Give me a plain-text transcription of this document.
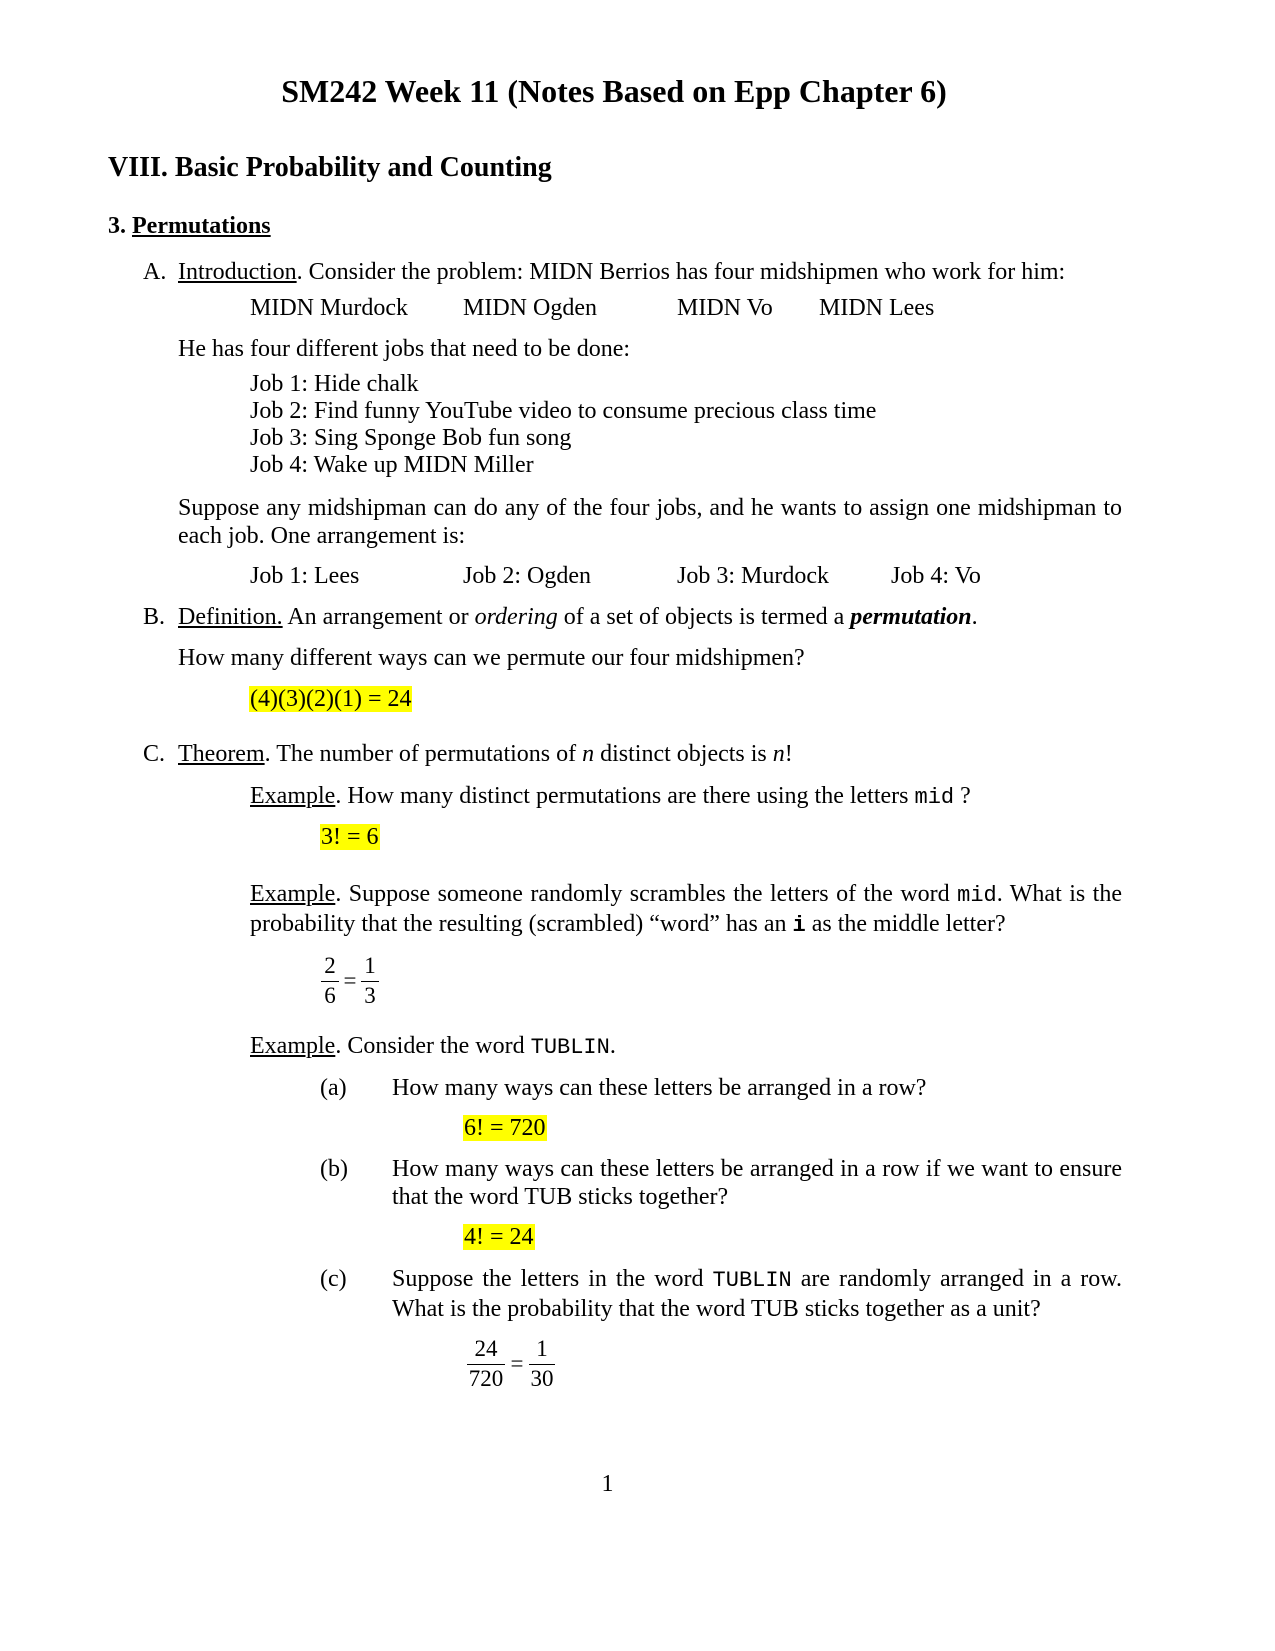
SM242 Week 11 (Notes Based on Epp Chapter 6)
VIII. Basic Probability and Counting
3. Permutations
A. Introduction. Consider the problem: MIDN Berrios has four midshipmen who work for him:
MIDN Murdock MIDN Ogden	MIDN Vo MIDN Lees
He has four different jobs that need to be done:
Job 1: Hide chalk
Job 2: Find funny YouTube video to consume precious class time
Job 3: Sing Sponge Bob fun song
Job 4: Wake up MIDN Miller
Suppose any midshipman can do any of the four jobs, and he wants to assign one midshipman to each job. One arrangement is:
Job 1: Lees	Job 2: Ogden	Job 3: Murdock	Job 4: Vo
B. Definition. An arrangement or ordering of a set of objects is termed a permutation.
How many different ways can we permute our four midshipmen?
(4)(3)(2)(1) = 24
C. Theorem. The number of permutations of n distinct objects is n!
Example. How many distinct permutations are there using the letters mid ?
3! = 6
Example. Suppose someone randomly scrambles the letters of the word mid. What is the probability that the resulting (scrambled) “word” has an i as the middle letter?
2
6
=
1
3
Example. Consider the word TUBLIN.
(a) How many ways can these letters be arranged in a row?
6! = 720
(b) How many ways can these letters be arranged in a row if we want to ensure that the word TUB sticks together?
4! = 24
(c) Suppose the letters in the word TUBLIN are randomly arranged in a row. What is the probability that the word TUB sticks together as a unit?
24
720
=
1
30
1
